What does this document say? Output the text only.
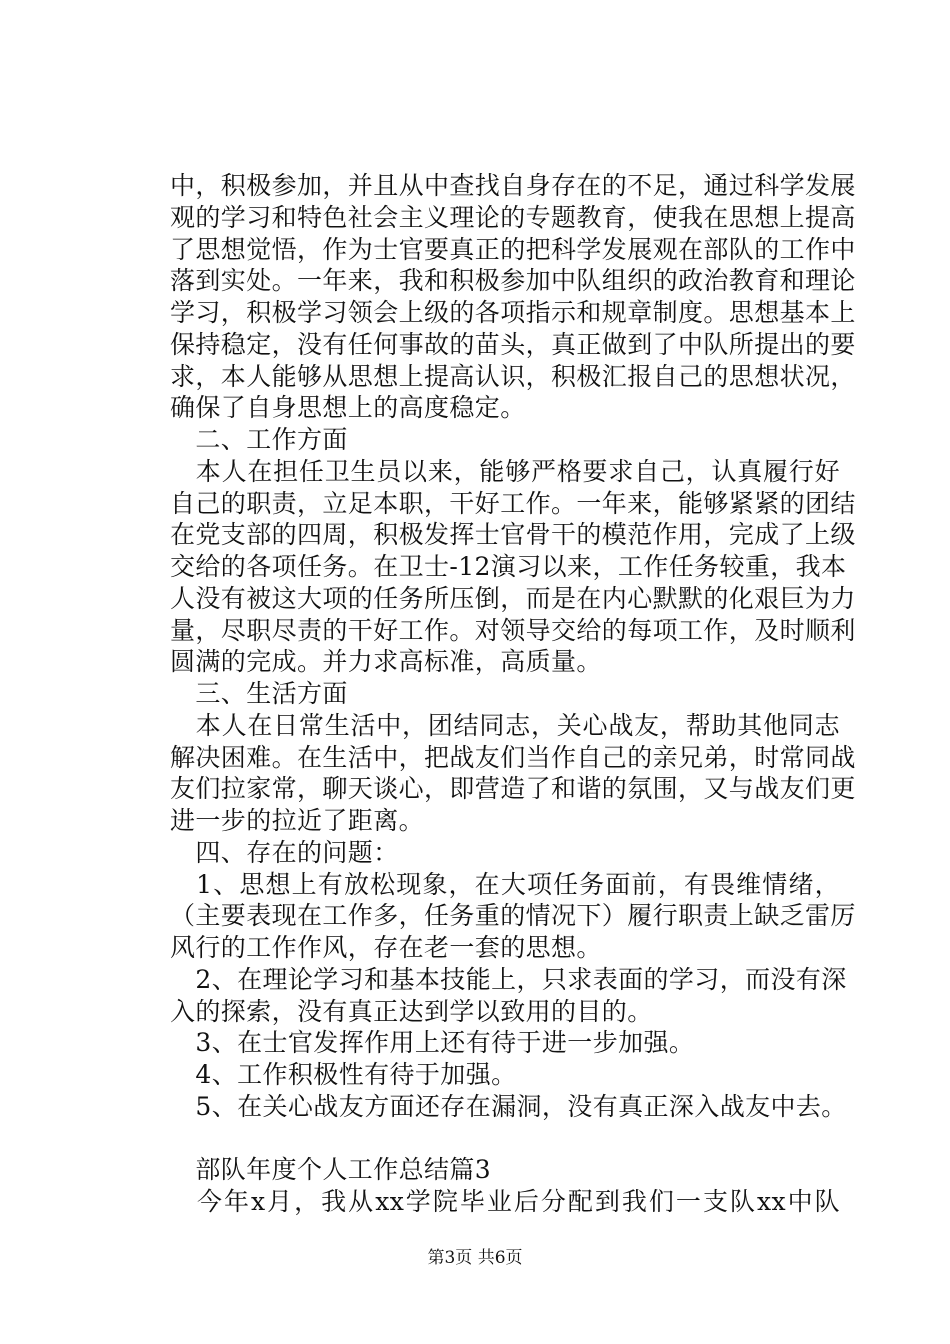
中，积极参加，并且从中查找自身存在的不足，通过科学发展
观的学习和特色社会主义理论的专题教育，使我在思想上提高
了思想觉悟，作为士官要真正的把科学发展观在部队的工作中
落到实处。一年来，我和积极参加中队组织的政治教育和理论
学习，积极学习领会上级的各项指示和规章制度。思想基本上
保持稳定，没有任何事故的苗头，真正做到了中队所提出的要
求，本人能够从思想上提高认识，积极汇报自己的思想状况，
确保了自身思想上的高度稳定。
　二、工作方面
　本人在担任卫生员以来，能够严格要求自己，认真履行好
自己的职责，立足本职，干好工作。一年来，能够紧紧的团结
在党支部的四周，积极发挥士官骨干的模范作用，完成了上级
交给的各项任务。在卫士-12演习以来，工作任务较重，我本
人没有被这大项的任务所压倒，而是在内心默默的化艰巨为力
量，尽职尽责的干好工作。对领导交给的每项工作，及时顺利
圆满的完成。并力求高标准，高质量。
　三、生活方面
　本人在日常生活中，团结同志，关心战友，帮助其他同志
解决困难。在生活中，把战友们当作自己的亲兄弟，时常同战
友们拉家常，聊天谈心，即营造了和谐的氛围，又与战友们更
进一步的拉近了距离。
　四、存在的问题：
　1、思想上有放松现象，在大项任务面前，有畏维情绪，
（主要表现在工作多，任务重的情况下）履行职责上缺乏雷厉
风行的工作作风，存在老一套的思想。
　2、在理论学习和基本技能上，只求表面的学习，而没有深
入的探索，没有真正达到学以致用的目的。
　3、在士官发挥作用上还有待于进一步加强。
　4、工作积极性有待于加强。
　5、在关心战友方面还存在漏洞，没有真正深入战友中去。
　部队年度个人工作总结篇3
　今年x月，我从xx学院毕业后分配到我们一支队xx中队
第3页 共6页
